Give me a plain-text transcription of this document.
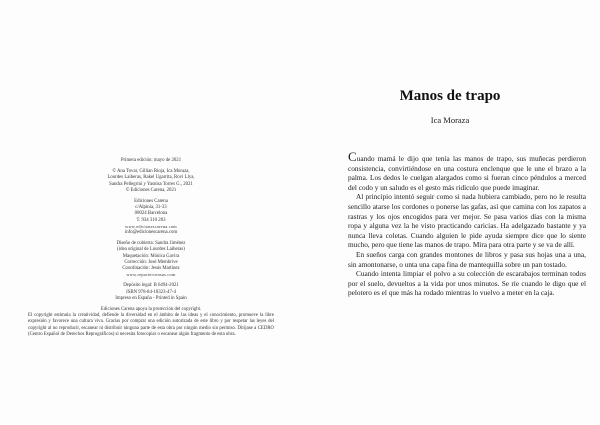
Primera edición: mayo de 2021

© Ana Tovar, Gillian Rioja, Ica Moraza,

Lourdes Laiheras, Rakel Ugarrita, Rovi Llya,

Sandra Pellegrini y Yasnisa Torres G., 2021

© Ediciones Carena, 2021

Ediciones Carena

c/Alpinia, 31-33

08024 Barcelona

T. 934 310 283

www.edicionescarena.com

info@edicionescarena.com

Diseño de cubierta: Sandra Jiménez

(idea original de Lourdes Laiheras)

Maquetación: Mónica Gavira

Corrección: José Membrive

Coordinación: Jesús Martínez

www.reportercensus.com

Depósito legal: B 6494-2021

ISBN 978-84-18323-47-4

Impreso en España - Printed in Spain

Ediciones Carena apoya la protección del copyright.

El copyright estimula la creatividad, defiende la diversidad en el ámbito de las ideas y el conocimiento, promueve la libre expresión y favorece una cultura viva. Gracias por comprar una edición autorizada de este libro y por respetar las leyes del copyright al no reproducir, escanear ni distribuir ninguna parte de esta obra por ningún medio sin permiso. Diríjase a CEDRO (Centro Español de Derechos Reprográficos) si necesita fotocopiar o escanear algún fragmento de esta obra.

Manos de trapo
Ica Moraza

Cuando mamá le dijo que tenía las manos de trapo, sus muñecas perdieron consistencia, convirtiéndose en una costura enclenque que le une el brazo a la palma. Los dedos le cuelgan alargados como si fueran cinco péndulos a merced del codo y un saludo es el gesto más ridículo que puede imaginar.

Al principio intentó seguir como si nada hubiera cambiado, pero no le resulta sencillo atarse los cordones o ponerse las gafas, así que camina con los zapatos a rastras y los ojos encogidos para ver mejor. Se pasa varios días con la misma ropa y alguna vez la he visto practicando caricias. Ha adelgazado bastante y ya nunca lleva coletas. Cuando alguien le pide ayuda siempre dice que lo siente mucho, pero que tiene las manos de trapo. Mira para otra parte y se va de allí.

En sueños carga con grandes montones de libros y pasa sus hojas una a una, sin amontonarse, o unta una capa fina de mantequilla sobre un pan tostado.

Cuando intenta limpiar el polvo a su colección de escarabajos terminan todos por el suelo, devueltos a la vida por unos minutos. Se ríe cuando le digo que el pelotero es el que más ha rodado mientras lo vuelvo a meter en la caja.
